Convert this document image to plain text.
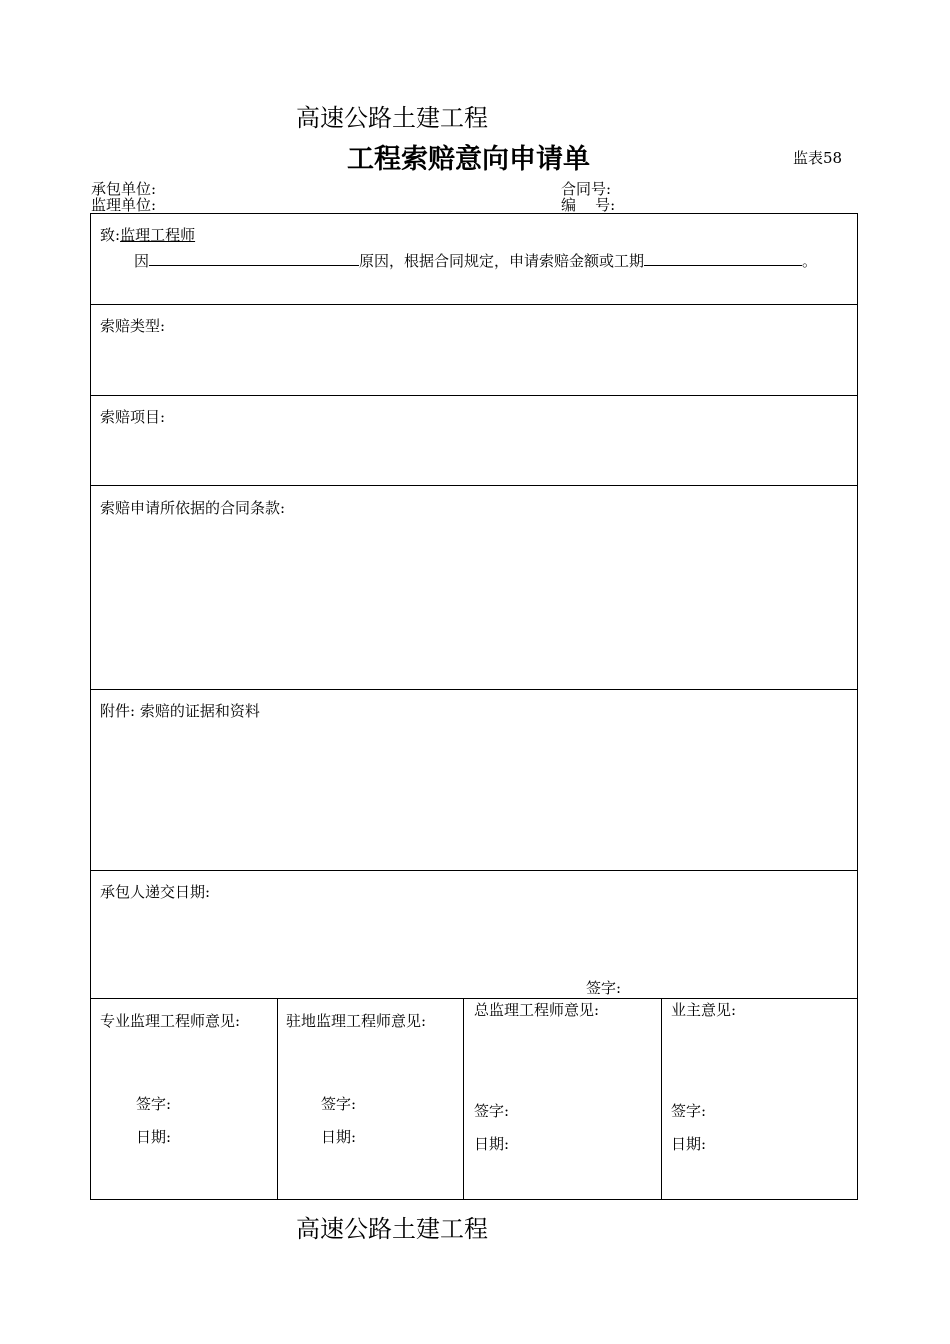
高速公路土建工程
工程索赔意向申请单	监表58
承包单位:	合同号:
监理单位:	编    号:
致:监理工程师
因	原因，根据合同规定，申请索赔金额或工期	。
索赔类型:
索赔项目:
索赔申请所依据的合同条款:
附件: 索赔的证据和资料
承包人递交日期:
签字:
专业监理工程师意见:
签字:
日期:
驻地监理工程师意见:
签字:
日期:
总监理工程师意见:
签字:
日期:
业主意见:
签字:
日期:
高速公路土建工程
